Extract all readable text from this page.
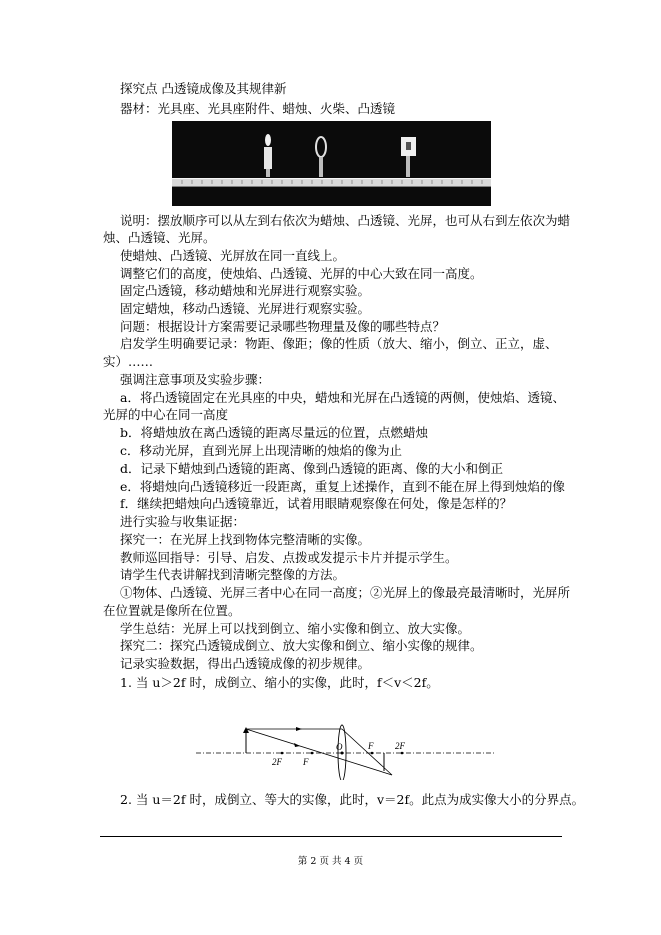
探究点 凸透镜成像及其规律新
器材：光具座、光具座附件、蜡烛、火柴、凸透镜
说明：摆放顺序可以从左到右依次为蜡烛、凸透镜、光屏，也可从右到左依次为蜡
烛、凸透镜、光屏。
使蜡烛、凸透镜、光屏放在同一直线上。
调整它们的高度，使烛焰、凸透镜、光屏的中心大致在同一高度。
固定凸透镜，移动蜡烛和光屏进行观察实验。
固定蜡烛，移动凸透镜、光屏进行观察实验。
问题：根据设计方案需要记录哪些物理量及像的哪些特点？
启发学生明确要记录：物距、像距；像的性质（放大、缩小，倒立、正立，虚、
实）……
强调注意事项及实验步骤：
a．将凸透镜固定在光具座的中央，蜡烛和光屏在凸透镜的两侧，使烛焰、透镜、
光屏的中心在同一高度
b．将蜡烛放在离凸透镜的距离尽量远的位置，点燃蜡烛
c．移动光屏，直到光屏上出现清晰的烛焰的像为止
d．记录下蜡烛到凸透镜的距离、像到凸透镜的距离、像的大小和倒正
e．将蜡烛向凸透镜移近一段距离，重复上述操作，直到不能在屏上得到烛焰的像
f．继续把蜡烛向凸透镜靠近，试着用眼睛观察像在何处，像是怎样的？
进行实验与收集证据：
探究一：在光屏上找到物体完整清晰的实像。
教师巡回指导：引导、启发、点拨或发提示卡片并提示学生。
请学生代表讲解找到清晰完整像的方法。
①物体、凸透镜、光屏三者中心在同一高度；②光屏上的像最亮最清晰时，光屏所
在位置就是像所在位置。
学生总结：光屏上可以找到倒立、缩小实像和倒立、放大实像。
探究二：探究凸透镜成倒立、放大实像和倒立、缩小实像的规律。
记录实验数据，得出凸透镜成像的初步规律。
1. 当 u＞2f 时，成倒立、缩小的实像，此时，f＜v＜2f。
O	F 2F
2F F
2. 当 u＝2f 时，成倒立、等大的实像，此时，v＝2f。此点为成实像大小的分界点。
第 2 页 共 4 页
